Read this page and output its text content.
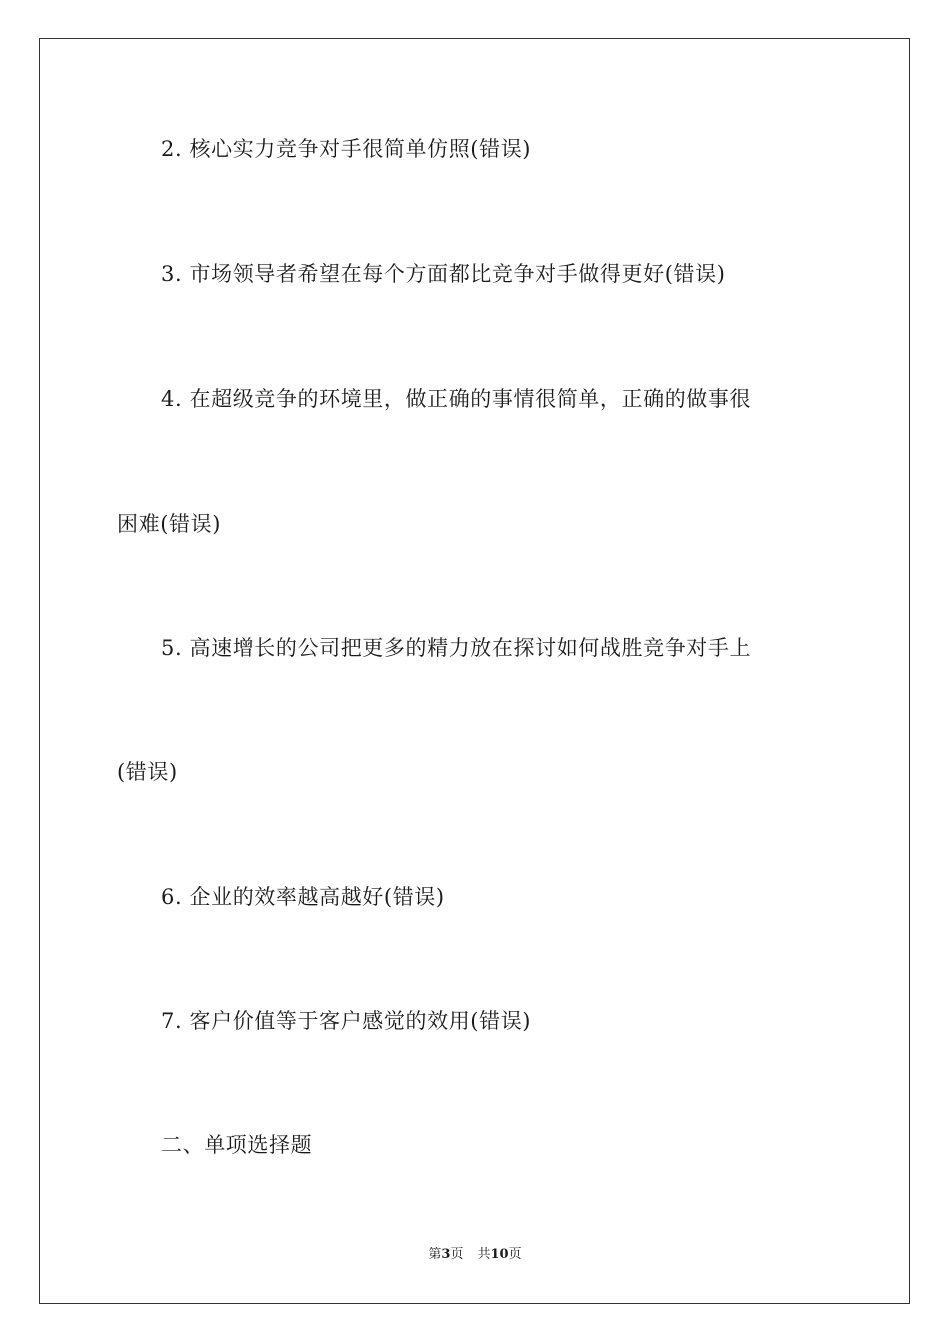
2. 核心实力竞争对手很简单仿照(错误)
3. 市场领导者希望在每个方面都比竞争对手做得更好(错误)
4. 在超级竞争的环境里，做正确的事情很简单，正确的做事很
困难(错误)
5. 高速增长的公司把更多的精力放在探讨如何战胜竞争对手上
(错误)
6. 企业的效率越高越好(错误)
7. 客户价值等于客户感觉的效用(错误)
二、单项选择题
第3页 共10页
